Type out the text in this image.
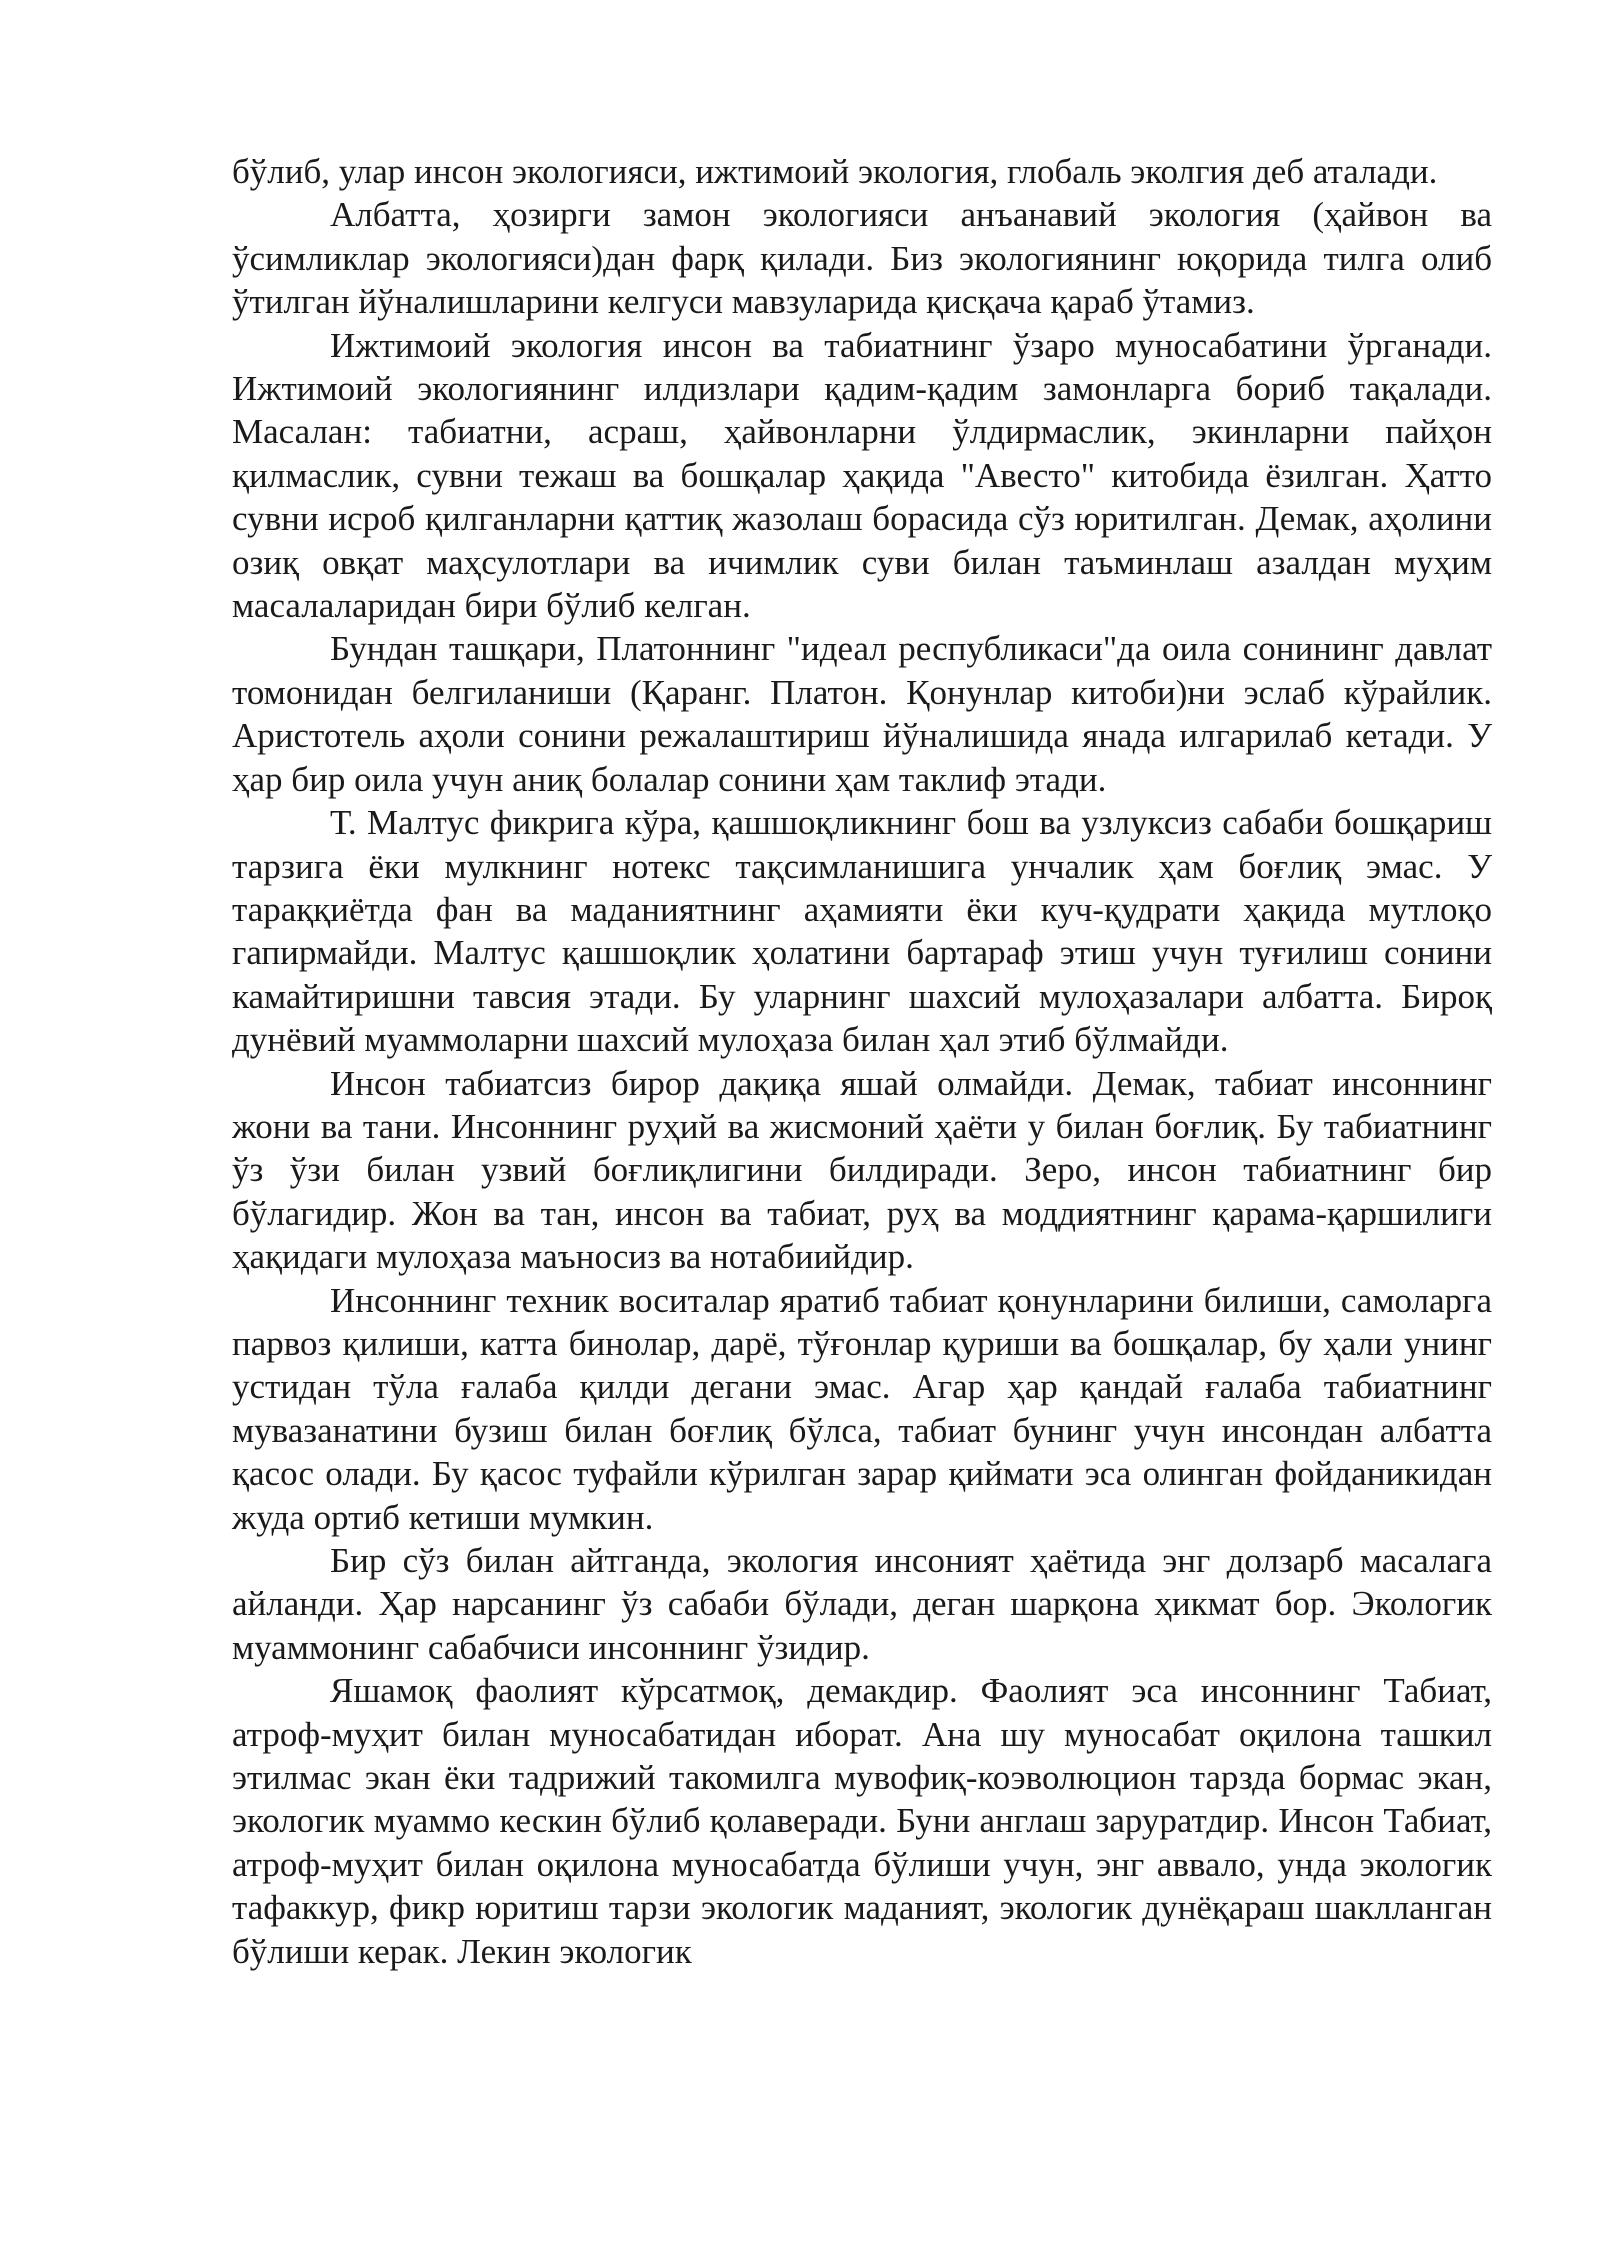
бўлиб, улар инсон экологияси, ижтимоий экология, глобаль эколгия деб аталади.

Албатта, ҳозирги замон экологияси анъанавий экология (ҳайвон ва ўсимликлар экологияси)дан фарқ қилади. Биз экологиянинг юқорида тилга олиб ўтилган йўналишларини келгуси мавзуларида қисқача қараб ўтамиз.

Ижтимоий экология инсон ва табиатнинг ўзаро муносабатини ўрганади. Ижтимоий экологиянинг илдизлари қадим-қадим замонларга бориб тақалади. Масалан: табиатни, асраш, ҳайвонларни ўлдирмаслик, экинларни пайҳон қилмаслик, сувни тежаш ва бошқалар ҳақида "Авесто" китобида ёзилган. Ҳатто сувни исроб қилганларни қаттиқ жазолаш борасида сўз юритилган. Демак, аҳолини озиқ овқат маҳсулотлари ва ичимлик суви билан таъминлаш азалдан муҳим масалаларидан бири бўлиб келган.

Бундан ташқари, Платоннинг "идеал республикаси"да оила сонининг давлат томонидан белгиланиши (Қаранг. Платон. Қонунлар китоби)ни эслаб кўрайлик. Аристотель аҳоли сонини режалаштириш йўналишида янада илгарилаб кетади. У ҳар бир оила учун аниқ болалар сонини ҳам таклиф этади.

Т. Малтус фикрига кўра, қашшоқликнинг бош ва узлуксиз сабаби бошқариш тарзига ёки мулкнинг нотекс тақсимланишига унчалик ҳам боғлиқ эмас. У тараққиётда фан ва маданиятнинг аҳамияти ёки куч-қудрати ҳақида мутлоқо гапирмайди. Малтус қашшоқлик ҳолатини бартараф этиш учун туғилиш сонини камайтиришни тавсия этади. Бу уларнинг шахсий мулоҳазалари албатта. Бироқ дунёвий муаммоларни шахсий мулоҳаза билан ҳал этиб бўлмайди.

Инсон табиатсиз бирор дақиқа яшай олмайди. Демак, табиат инсоннинг жони ва тани. Инсоннинг руҳий ва жисмоний ҳаёти у билан боғлиқ. Бу табиатнинг ўз ўзи билан узвий боғлиқлигини билдиради. Зеро, инсон табиатнинг бир бўлагидир. Жон ва тан, инсон ва табиат, руҳ ва моддиятнинг қарама-қаршилиги ҳақидаги мулоҳаза маъносиз ва нотабиийдир.

Инсоннинг техник воситалар яратиб табиат қонунларини билиши, самоларга парвоз қилиши, катта бинолар, дарё, тўғонлар қуриши ва бошқалар, бу ҳали унинг устидан тўла ғалаба қилди дегани эмас. Агар ҳар қандай ғалаба табиатнинг мувазанатини бузиш билан боғлиқ бўлса, табиат бунинг учун инсондан албатта қасос олади. Бу қасос туфайли кўрилган зарар қиймати эса олинган фойданикидан жуда ортиб кетиши мумкин.

Бир сўз билан айтганда, экология инсоният ҳаётида энг долзарб масалага айланди. Ҳар нарсанинг ўз сабаби бўлади, деган шарқона ҳикмат бор. Экологик муаммонинг сабабчиси инсоннинг ўзидир.

Яшамоқ фаолият кўрсатмоқ, демакдир. Фаолият эса инсоннинг Табиат, атроф-муҳит билан муносабатидан иборат. Ана шу муносабат оқилона ташкил этилмас экан ёки тадрижий такомилга мувофиқ-коэволюцион тарзда бормас экан, экологик муаммо кескин бўлиб қолаверади. Буни англаш заруратдир. Инсон Табиат, атроф-муҳит билан оқилона муносабатда бўлиши учун, энг аввало, унда экологик тафаккур, фикр юритиш тарзи экологик маданият, экологик дунёқараш шаклланган бўлиши керак. Лекин экологик
